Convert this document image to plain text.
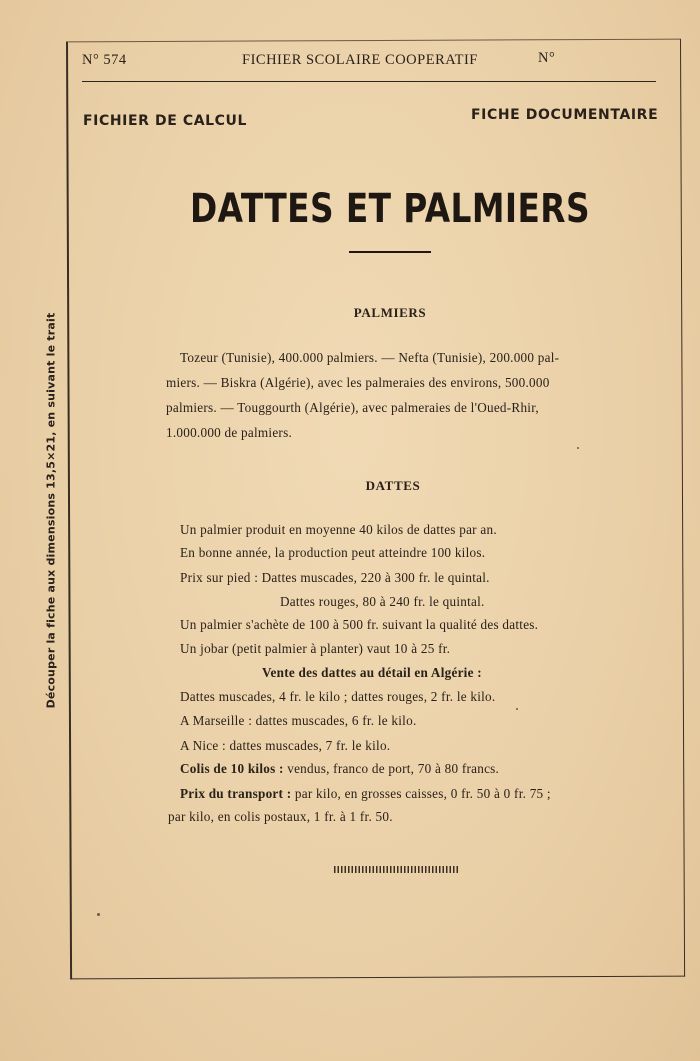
N° 574	FICHIER SCOLAIRE COOPERATIF	N°
FICHIER DE CALCUL	FICHE DOCUMENTAIRE
DATTES ET PALMIERS
PALMIERS
Tozeur (Tunisie), 400.000 palmiers. — Nefta (Tunisie), 200.000 pal-
miers. — Biskra (Algérie), avec les palmeraies des environs, 500.000
palmiers. — Touggourth (Algérie), avec palmeraies de l'Oued-Rhir,
1.000.000 de palmiers.
DATTES
Un palmier produit en moyenne 40 kilos de dattes par an.
En bonne année, la production peut atteindre 100 kilos.
Prix sur pied : Dattes muscades, 220 à 300 fr. le quintal.
Dattes rouges, 80 à 240 fr. le quintal.
Un palmier s'achète de 100 à 500 fr. suivant la qualité des dattes.
Un jobar (petit palmier à planter) vaut 10 à 25 fr.
Vente des dattes au détail en Algérie :
Dattes muscades, 4 fr. le kilo ; dattes rouges, 2 fr. le kilo.
A Marseille : dattes muscades, 6 fr. le kilo.
A Nice : dattes muscades, 7 fr. le kilo.
Colis de 10 kilos : vendus, franco de port, 70 à 80 francs.
Prix du transport : par kilo, en grosses caisses, 0 fr. 50 à 0 fr. 75 ;
par kilo, en colis postaux, 1 fr. à 1 fr. 50.
Découper la fiche aux dimensions 13,5×21, en suivant le trait
